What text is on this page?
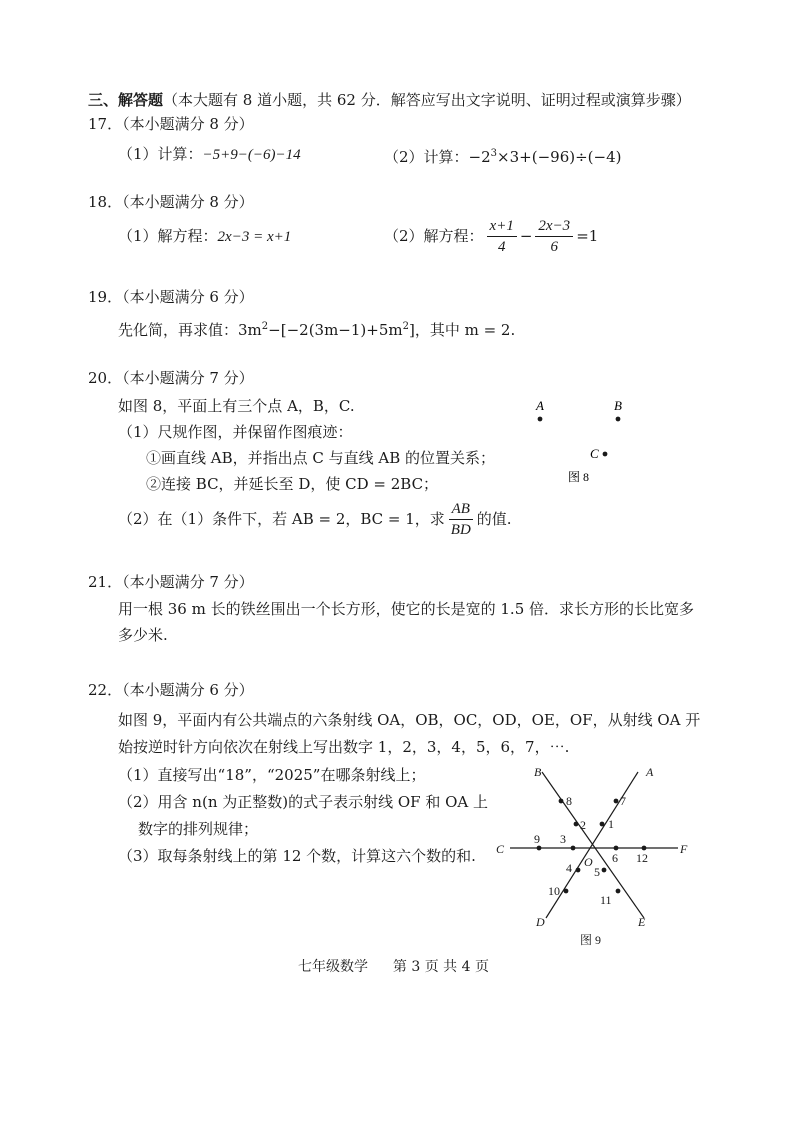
三、解答题（本大题有 8 道小题，共 62 分．解答应写出文字说明、证明过程或演算步骤）
17．（本小题满分 8 分）
（1）计算：−5+9−(−6)−14	（2）计算：$-2^3\times 3+(-96)\div(-4)$
18．（本小题满分 8 分）
（1）解方程：2x−3 = x+1	（2）解方程： $\frac{x+1}{4} - \frac{2x-3}{6} =1$
19．（本小题满分 6 分）
先化简，再求值：$3m^2-[-2(3m-1)+5m^2]$，其中 m = 2.
20．（本小题满分 7 分）
如图 8，平面上有三个点 A，B，C.
（1）尺规作图，并保留作图痕迹：
①画直线 AB，并指出点 C 与直线 AB 的位置关系；
②连接 BC，并延长至 D，使 CD = 2BC；
（2）在（1）条件下，若 AB = 2，BC = 1，求 $\frac{AB}{BD}$ 的值.
A	B
C
图 8
21．（本小题满分 7 分）
用一根 36 m 长的铁丝围出一个长方形，使它的长是宽的 1.5 倍．求长方形的长比宽多
多少米.
22．（本小题满分 6 分）
如图 9，平面内有公共端点的六条射线 OA，OB，OC，OD，OE，OF，从射线 OA 开
始按逆时针方向依次在射线上写出数字 1，2，3，4，5，6，7，⋯.
（1）直接写出“18”，“2025”在哪条射线上；
（2）用含 n(n 为正整数)的式子表示射线 OF 和 OA 上
数字的排列规律；
（3）取每条射线上的第 12 个数，计算这六个数的和.
A
B
C
D	E
F
O
1
7
2
8
3
9
4
10
5
11
6 12
图 9
七年级数学 第 3 页 共 4 页
